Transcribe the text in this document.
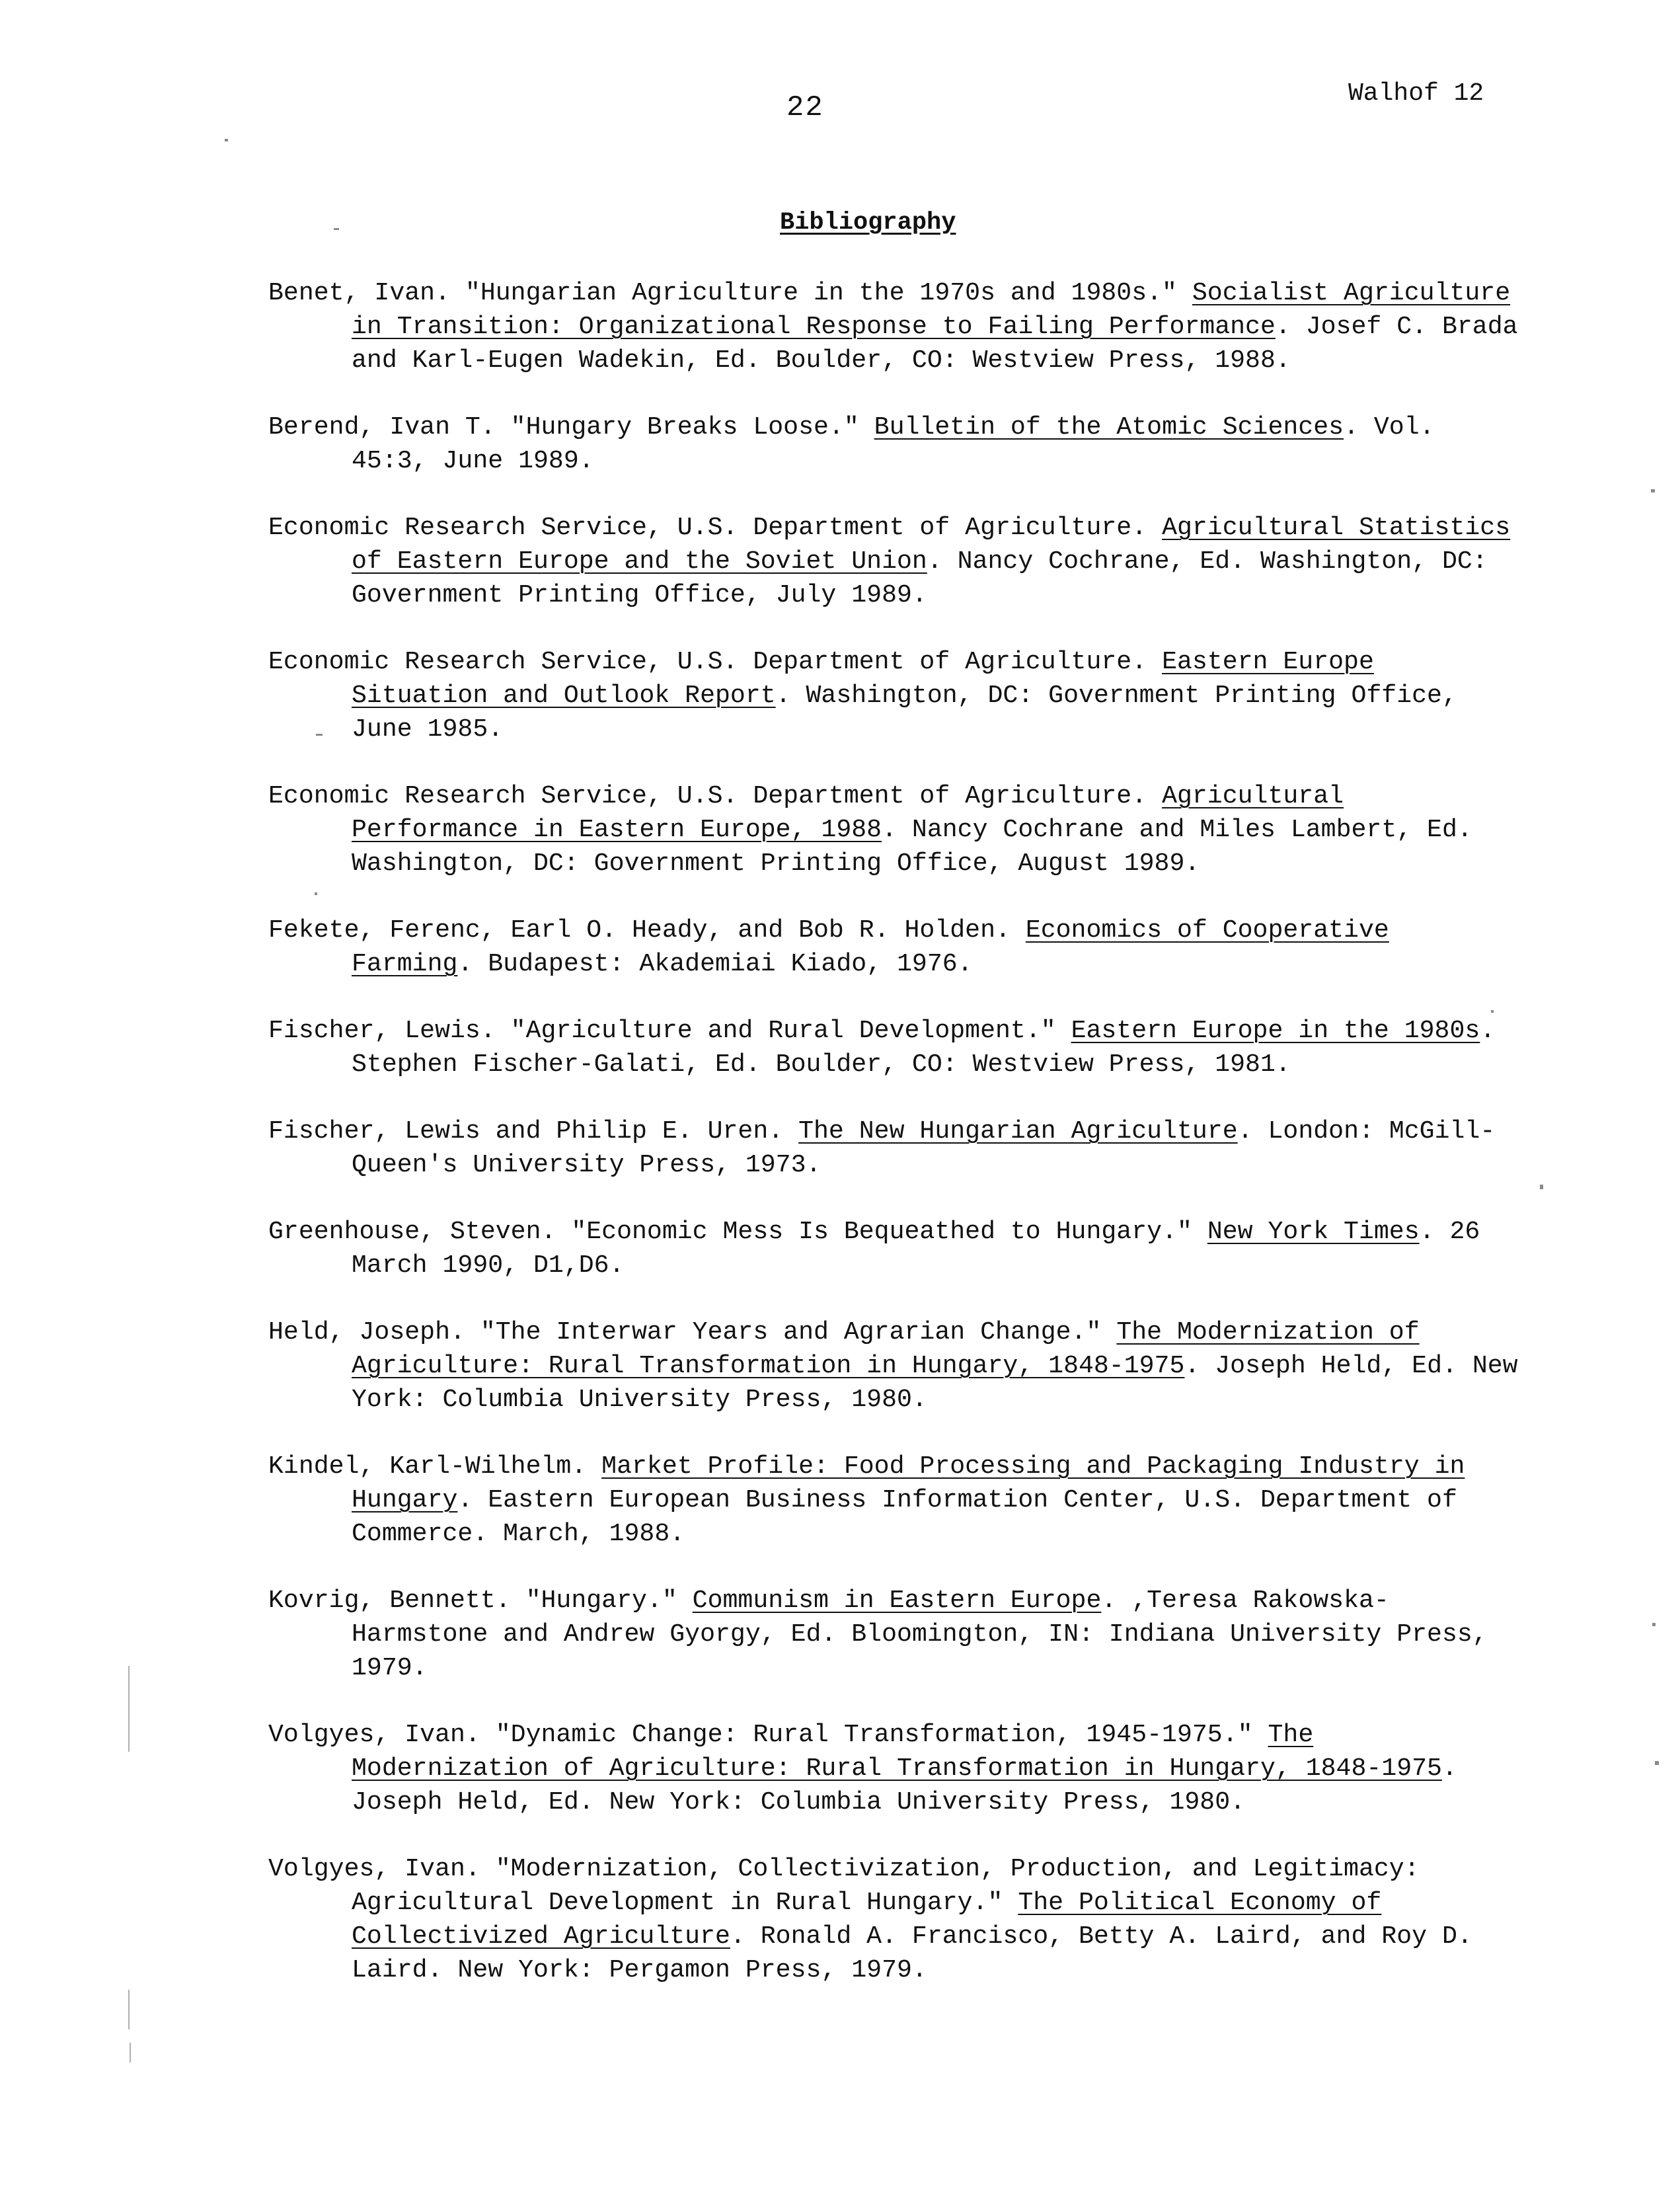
22	Walhof 12
Bibliography

Benet, Ivan. "Hungarian Agriculture in the 1970s and 1980s." Socialist Agriculture in Transition: Organizational Response to Failing Performance. Josef C. Brada and Karl-Eugen Wadekin, Ed. Boulder, CO: Westview Press, 1988.

Berend, Ivan T. "Hungary Breaks Loose." Bulletin of the Atomic Sciences. Vol. 45:3, June 1989.

Economic Research Service, U.S. Department of Agriculture. Agricultural Statistics of Eastern Europe and the Soviet Union. Nancy Cochrane, Ed. Washington, DC: Government Printing Office, July 1989.

Economic Research Service, U.S. Department of Agriculture. Eastern Europe Situation and Outlook Report. Washington, DC: Government Printing Office, June 1985.

Economic Research Service, U.S. Department of Agriculture. Agricultural Performance in Eastern Europe, 1988. Nancy Cochrane and Miles Lambert, Ed. Washington, DC: Government Printing Office, August 1989.

Fekete, Ferenc, Earl O. Heady, and Bob R. Holden. Economics of Cooperative Farming. Budapest: Akademiai Kiado, 1976.

Fischer, Lewis. "Agriculture and Rural Development." Eastern Europe in the 1980s. Stephen Fischer-Galati, Ed. Boulder, CO: Westview Press, 1981.

Fischer, Lewis and Philip E. Uren. The New Hungarian Agriculture. London: McGill-Queen's University Press, 1973.

Greenhouse, Steven. "Economic Mess Is Bequeathed to Hungary." New York Times. 26 March 1990, D1,D6.

Held, Joseph. "The Interwar Years and Agrarian Change." The Modernization of Agriculture: Rural Transformation in Hungary, 1848-1975. Joseph Held, Ed. New York: Columbia University Press, 1980.

Kindel, Karl-Wilhelm. Market Profile: Food Processing and Packaging Industry in Hungary. Eastern European Business Information Center, U.S. Department of Commerce. March, 1988.

Kovrig, Bennett. "Hungary." Communism in Eastern Europe. ,Teresa Rakowska-Harmstone and Andrew Gyorgy, Ed. Bloomington, IN: Indiana University Press, 1979.

Volgyes, Ivan. "Dynamic Change: Rural Transformation, 1945-1975." The Modernization of Agriculture: Rural Transformation in Hungary, 1848-1975. Joseph Held, Ed. New York: Columbia University Press, 1980.

Volgyes, Ivan. "Modernization, Collectivization, Production, and Legitimacy: Agricultural Development in Rural Hungary." The Political Economy of Collectivized Agriculture. Ronald A. Francisco, Betty A. Laird, and Roy D. Laird. New York: Pergamon Press, 1979.
